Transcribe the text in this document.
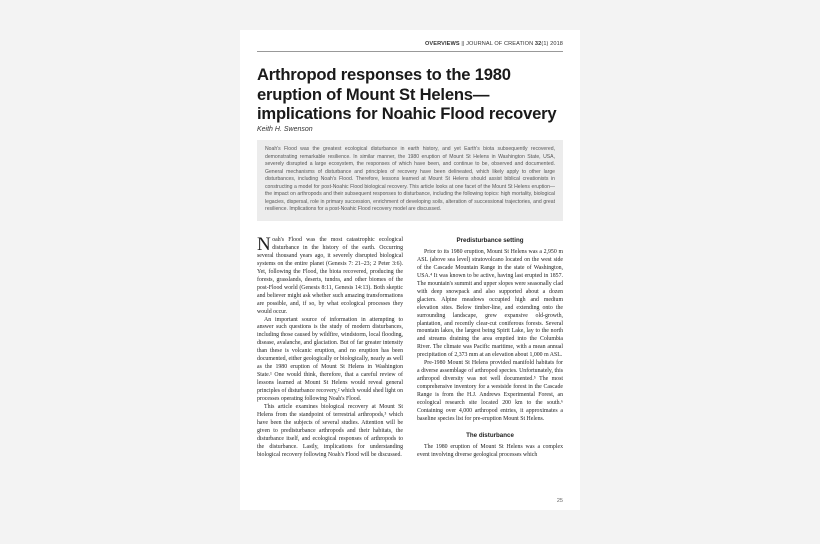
OVERVIEWS || JOURNAL OF CREATION 32(1) 2018
Arthropod responses to the 1980 eruption of Mount St Helens—implications for Noahic Flood recovery
Keith H. Swenson
Noah's Flood was the greatest ecological disturbance in earth history, and yet Earth's biota subsequently recovered, demonstrating remarkable resilience. In similar manner, the 1980 eruption of Mount St Helens in Washington State, USA, severely disrupted a large ecosystem, the responses of which have been, and continue to be, observed and documented. General mechanisms of disturbance and principles of recovery have been delineated, which likely apply to other large disturbances, including Noah's Flood. Therefore, lessons learned at Mount St Helens should assist biblical creationists in constructing a model for post-Noahic Flood biological recovery. This article looks at one facet of the Mount St Helens eruption—the impact on arthropods and their subsequent responses to disturbance, including the following topics: high mortality, biological legacies, dispersal, role in primary succession, enrichment of developing soils, alteration of successional trajectories, and great resilience. Implications for a post-Noahic Flood recovery model are discussed.

Noah's Flood was the most catastrophic ecological disturbance in the history of the earth. Occurring several thousand years ago, it severely disrupted biological systems on the entire planet (Genesis 7: 21–23; 2 Peter 3:6). Yet, following the Flood, the biota recovered, producing the forests, grasslands, deserts, tundra, and other biomes of the post-Flood world (Genesis 8:11, Genesis 14:13). Both skeptic and believer might ask whether such amazing transformations are possible, and, if so, by what ecological processes they would occur.

An important source of information in attempting to answer such questions is the study of modern disturbances, including those caused by wildfire, windstorm, local flooding, disease, avalanche, and glaciation. But of far greater intensity than these is volcanic eruption, and no eruption has been documented, either geologically or biologically, nearly as well as the 1980 eruption of Mount St Helens in Washington State.¹ One would think, therefore, that a careful review of lessons learned at Mount St Helens would reveal general principles of disturbance recovery,² which would shed light on processes operating following Noah's Flood.

This article examines biological recovery at Mount St Helens from the standpoint of terrestrial arthropods,³ which have been the subjects of several studies. Attention will be given to predisturbance arthropods and their habitats, the disturbance itself, and ecological responses of arthropods to the disturbance. Lastly, implications for understanding biological recovery following Noah's Flood will be discussed.

Predisturbance setting

Prior to its 1980 eruption, Mount St Helens was a 2,950 m ASL (above sea level) stratovolcano located on the west side of the Cascade Mountain Range in the state of Washington, USA.⁴ It was known to be active, having last erupted in 1857. The mountain's summit and upper slopes were seasonally clad with deep snowpack and also supported about a dozen glaciers. Alpine meadows occupied high and medium elevation sites. Below timber-line, and extending onto the surrounding landscape, grew expansive old-growth, plantation, and recently clear-cut coniferous forests. Several mountain lakes, the largest being Spirit Lake, lay to the north and streams draining the area emptied into the Columbia River. The climate was Pacific maritime, with a mean annual precipitation of 2,373 mm at an elevation about 1,000 m ASL.

Pre-1980 Mount St Helens provided manifold habitats for a diverse assemblage of arthropod species. Unfortunately, this arthropod diversity was not well documented.⁵ The most comprehensive inventory for a westside forest in the Cascade Range is from the H.J. Andrews Experimental Forest, an ecological research site located 200 km to the south.⁶ Containing over 4,000 arthropod entries, it approximates a baseline species list for pre-eruption Mount St Helens.

The disturbance

The 1980 eruption of Mount St Helens was a complex event involving diverse geological processes which

25
